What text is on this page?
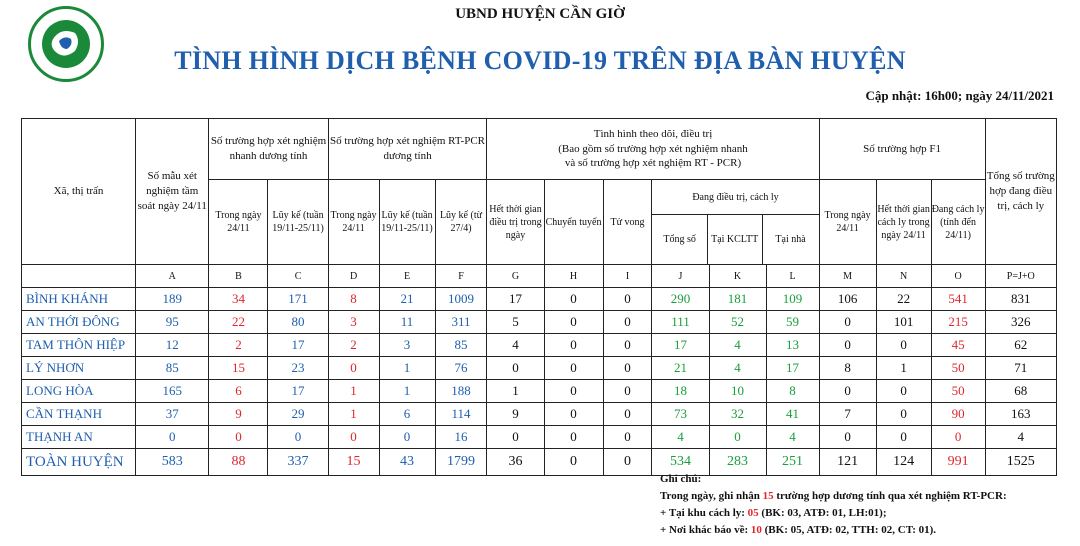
UBND HUYỆN CẦN GIỜ
TÌNH HÌNH DỊCH BỆNH COVID-19 TRÊN ĐỊA BÀN HUYỆN
Cập nhật: 16h00; ngày 24/11/2021
Xã, thị trấn	Số mẫu xét nghiệm tầm soát ngày 24/11	Số trường hợp xét nghiệm nhanh dương tính	Số trường hợp xét nghiệm RT-PCR dương tính	
Tình hình theo dõi, điều trị
(Bao gồm số trường hợp xét nghiệm nhanh và số trường hợp xét nghiệm RT - PCR)
	Số trường hợp F1	Tổng số trường hợp đang điều trị, cách ly
Trong ngày 24/11	Lũy kế (tuần 19/11-25/11)	Trong ngày 24/11	Lũy kế (tuần 19/11-25/11)	Lũy kế (từ 27/4)	Hết thời gian điều trị trong ngày	Chuyển tuyến	Tử vong	
Đang điều trị, cách ly
Tổng số	Tại KCLTT	Tại nhà
	Trong ngày 24/11	Hết thời gian cách ly trong ngày 24/11	Đang cách ly (tính đến 24/11)
	A	B	C	D	E	F	G	H	I	J	K	L	M	N	O	P=J+O
BÌNH KHÁNH	189	34	171	8	21	1009	17	0	0	290	181	109	106	22	541	831
AN THỚI ĐÔNG	95	22	80	3	11	311	5	0	0	111	52	59	0	101	215	326
TAM THÔN HIỆP	12	2	17	2	3	85	4	0	0	17	4	13	0	0	45	62
LÝ NHƠN	85	15	23	0	1	76	0	0	0	21	4	17	8	1	50	71
LONG HÒA	165	6	17	1	1	188	1	0	0	18	10	8	0	0	50	68
CẦN THẠNH	37	9	29	1	6	114	9	0	0	73	32	41	7	0	90	163
THẠNH AN	0	0	0	0	0	16	0	0	0	4	0	4	0	0	0	4
TOÀN HUYỆN	583	88	337	15	43	1799	36	0	0	534	283	251	121	124	991	1525
Ghi chú:
Trong ngày, ghi nhận 15 trường hợp dương tính qua xét nghiệm RT-PCR:
+ Tại khu cách ly: 05 (BK: 03, ATĐ: 01, LH:01);
+ Nơi khác báo về: 10 (BK: 05, ATĐ: 02, TTH: 02, CT: 01).
